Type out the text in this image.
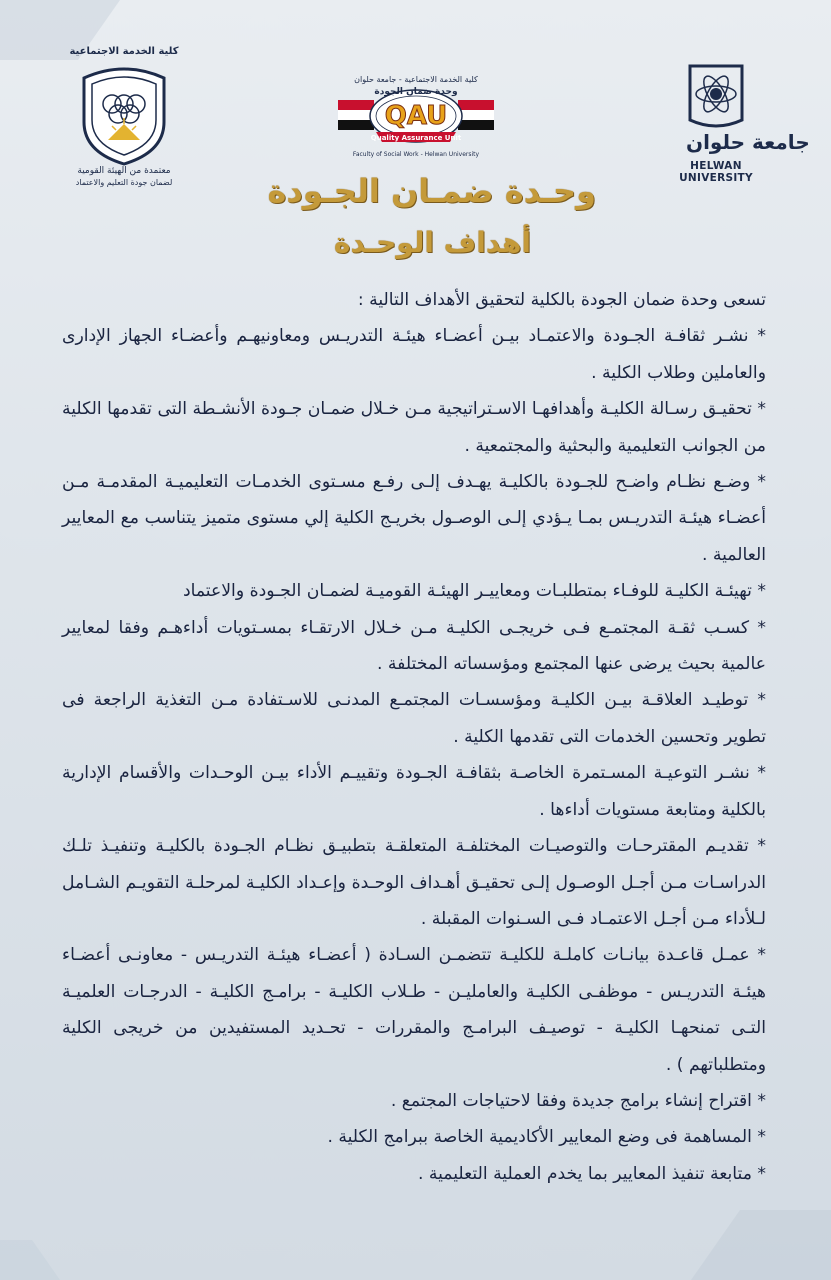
كلية الخدمة الاجتماعية
معتمدة من الهيئة القومية
لضمان جودة التعليم والاعتماد
QAU
Quality Assurance Unit
Faculty of Social Work - Helwan University
كلية الخدمة الاجتماعية - جامعة حلوان
وحدة ضمان الجودة
جامعة حلوان
HELWAN UNIVERSITY
وحـدة ضمـان الجـودة
أهداف الوحـدة

تسعى وحدة ضمان الجودة بالكلية لتحقيق الأهداف التالية :

* نشـر ثقافـة الجـودة والاعتمـاد بيـن أعضـاء هيئـة التدريـس ومعاونيهـم وأعضـاء الجهاز الإدارى والعاملين وطلاب الكلية .

* تحقيـق رسـالة الكليـة وأهدافهـا الاسـتراتيجية مـن خـلال ضمـان جـودة الأنشـطة التى تقدمها الكلية من الجوانب التعليمية والبحثية والمجتمعية .

* وضـع نظـام واضـح للجـودة بالكليـة يهـدف إلـى رفـع مسـتوى الخدمـات التعليميـة المقدمـة مـن أعضـاء هيئـة التدريـس بمـا يـؤدي إلـى الوصـول بخريـج الكلية إلي مستوى متميز يتناسب مع المعايير العالمية .

* تهيئـة الكليـة للوفـاء بمتطلبـات ومعاييـر الهيئـة القوميـة لضمـان الجـودة والاعتماد

* كسـب ثقـة المجتمـع فـى خريجـى الكليـة مـن خـلال الارتقـاء بمسـتويات أداءهـم وفقا لمعايير عالمية بحيث يرضى عنها المجتمع ومؤسساته المختلفة .

* توطيـد العلاقـة بيـن الكليـة ومؤسسـات المجتمـع المدنـى للاسـتفادة مـن التغذية الراجعة فى تطوير وتحسين الخدمات التى تقدمها الكلية .

* نشـر التوعيـة المسـتمرة الخاصـة بثقافـة الجـودة وتقييـم الأداء بيـن الوحـدات والأقسام الإدارية بالكلية ومتابعة مستويات أداءها .

* تقديـم المقترحـات والتوصيـات المختلفـة المتعلقـة بتطبيـق نظـام الجـودة بالكليـة وتنفيـذ تلـك الدراسـات مـن أجـل الوصـول إلـى تحقيـق أهـداف الوحـدة وإعـداد الكليـة لمرحلـة التقويـم الشـامل لـلأداء مـن أجـل الاعتمـاد فـى السـنوات المقبلة .

* عمـل قاعـدة بيانـات كاملـة للكليـة تتضمـن السـادة ( أعضـاء هيئـة التدريـس - معاونـى أعضـاء هيئـة التدريـس - موظفـى الكليـة والعامليـن - طـلاب الكليـة - برامـج الكليـة - الدرجـات العلميـة التـى تمنحهـا الكليـة - توصيـف البرامـج والمقررات - تحـديد المستفيدين من خريجى الكلية ومتطلباتهم ) .

* اقتراح إنشاء برامج جديدة وفقا لاحتياجات المجتمع .

* المساهمة فى وضع المعايير الأكاديمية الخاصة ببرامج الكلية .

* متابعة تنفيذ المعايير بما يخدم العملية التعليمية .
